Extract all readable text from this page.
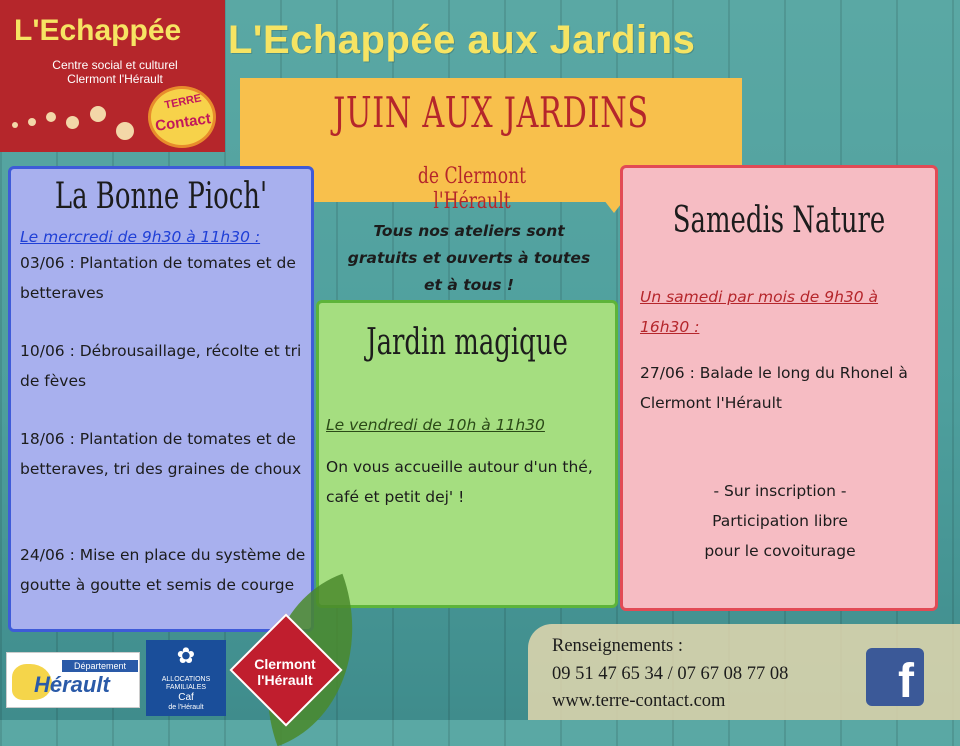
L'Echappée
Centre social et culturel
Clermont l'Hérault
TERRE
Contact
L'Echappée aux Jardins
JUIN AUX JARDINS
de Clermont l'Hérault
Tous nos ateliers sont gratuits et ouverts à toutes et à tous !
La Bonne Pioch'
Le mercredi de 9h30 à 11h30 :
03/06 : Plantation de tomates et de betteraves
10/06 : Débrousaillage, récolte et tri de fèves
18/06 : Plantation de tomates et de betteraves, tri des graines de choux
24/06 : Mise en place du système de goutte à goutte et semis de courge
Jardin magique
Le vendredi de 10h à 11h30
On vous accueille autour d'un thé, café et petit dej' !
Samedis Nature
Un samedi par mois de 9h30 à 16h30 :
27/06 : Balade le long du Rhonel à Clermont l'Hérault
- Sur inscription -
Participation libre
pour le covoiturage
Département
Hérault
✿
ALLOCATIONS FAMILIALES
Caf
de l'Hérault
Clermont
l'Hérault
Renseignements :
09 51 47 65 34 / 07 67 08 77 08
www.terre-contact.com	f
